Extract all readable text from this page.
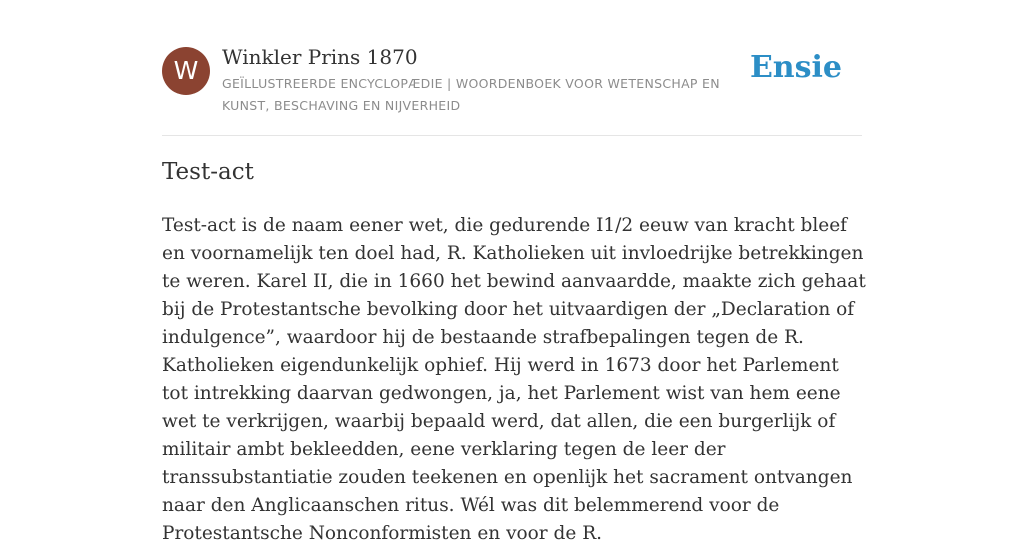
W	Winkler Prins 1870
GEÏLLUSTREERDE ENCYCLOPÆDIE | WOORDENBOEK VOOR WETENSCHAP EN KUNST, BESCHAVING EN NIJVERHEID
Ensie
Test-act

Test-act is de naam eener wet, die gedurende I1/2 eeuw van kracht bleef en voornamelijk ten doel had, R. Katholieken uit invloedrijke betrekkingen te weren. Karel II, die in 1660 het bewind aanvaardde, maakte zich gehaat bij de Protestantsche bevolking door het uitvaardigen der „Declaration of indulgence”, waardoor hij de bestaande strafbepalingen tegen de R. Katholieken eigendunkelijk ophief. Hij werd in 1673 door het Parlement tot intrekking daarvan gedwongen, ja, het Parlement wist van hem eene wet te verkrijgen, waarbij bepaald werd, dat allen, die een burgerlijk of militair ambt bekleedden, eene verklaring tegen de leer der transsubstantiatie zouden teekenen en openlijk het sacrament ontvangen naar den Anglicaanschen ritus. Wél was dit belemmerend voor de Protestantsche Nonconformisten en voor de R.
